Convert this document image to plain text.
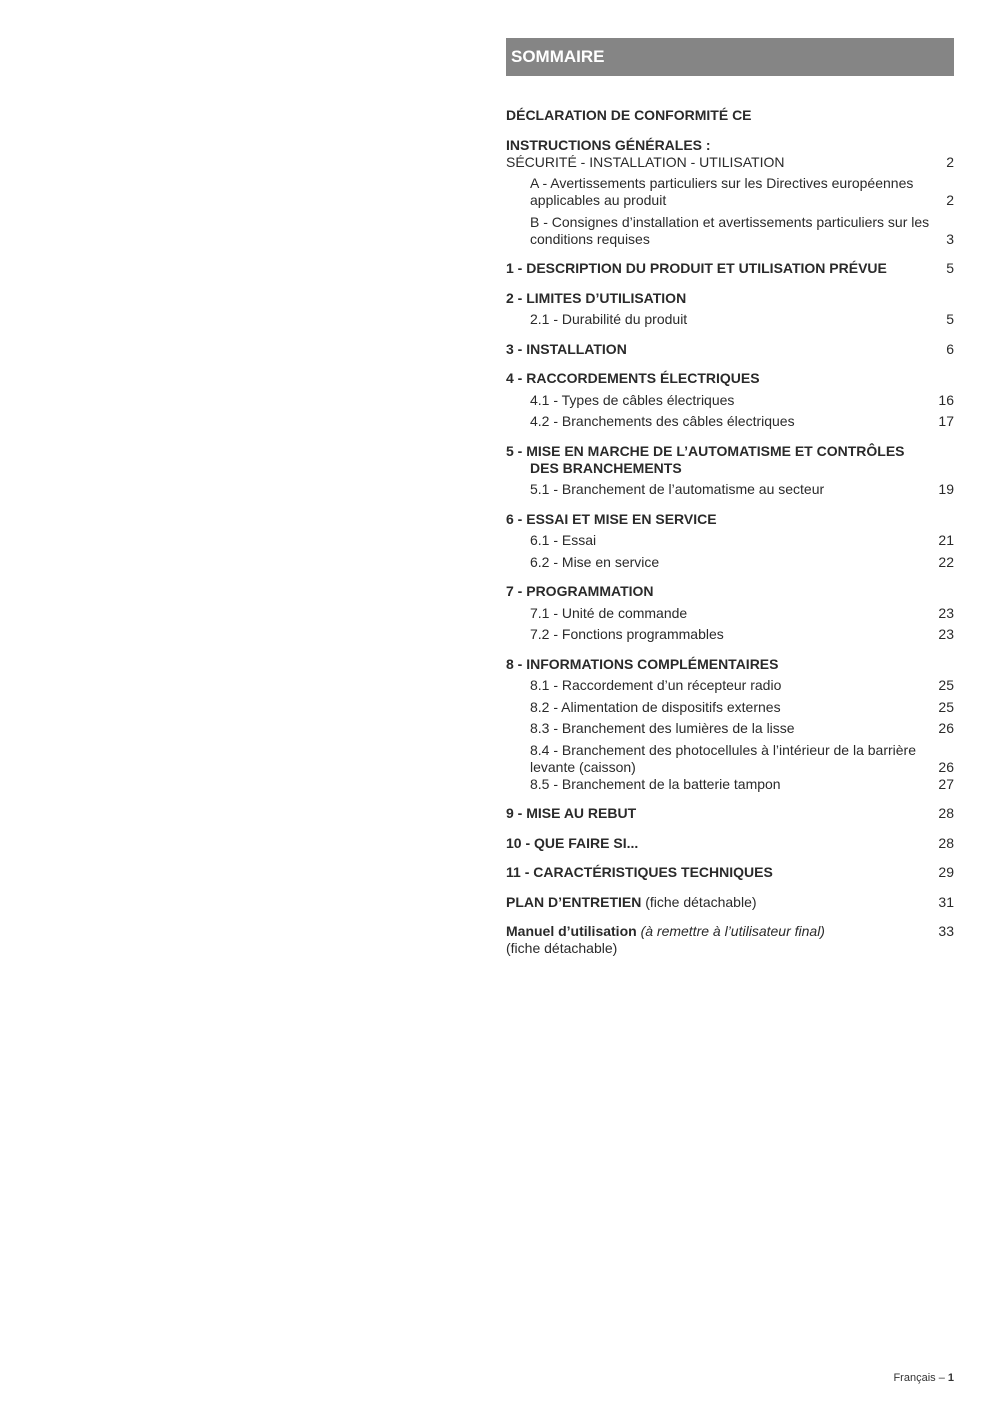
SOMMAIRE
DÉCLARATION DE CONFORMITÉ CE
INSTRUCTIONS GÉNÉRALES :
SÉCURITÉ - INSTALLATION - UTILISATION	2
A - Avertissements particuliers sur les Directives européennes applicables au produit	2
B - Consignes d’installation et avertissements particuliers sur les conditions requises	3
1 - DESCRIPTION DU PRODUIT ET UTILISATION PRÉVUE	5
2 - LIMITES D’UTILISATION
2.1 - Durabilité du produit	5
3 - INSTALLATION	6
4 - RACCORDEMENTS ÉLECTRIQUES
4.1 - Types de câbles électriques	16
4.2 - Branchements des câbles électriques	17
5 - MISE EN MARCHE DE L’AUTOMATISME ET CONTRÔLES
DES BRANCHEMENTS
5.1 - Branchement de l’automatisme au secteur	19
6 - ESSAI ET MISE EN SERVICE
6.1 - Essai	21
6.2 - Mise en service	22
7 - PROGRAMMATION
7.1 - Unité de commande	23
7.2 - Fonctions programmables	23
8 - INFORMATIONS COMPLÉMENTAIRES
8.1 - Raccordement d’un récepteur radio	25
8.2 - Alimentation de dispositifs externes	25
8.3 - Branchement des lumières de la lisse	26
8.4 - Branchement des photocellules à l’intérieur de la barrière levante (caisson)	26
8.5 - Branchement de la batterie tampon	27
9 - MISE AU REBUT	28
10 - QUE FAIRE SI...	28
11 - CARACTÉRISTIQUES TECHNIQUES	29
PLAN D’ENTRETIEN (fiche détachable)	31
Manuel d’utilisation (à remettre à l’utilisateur final)	33
(fiche détachable)
Français – 1
